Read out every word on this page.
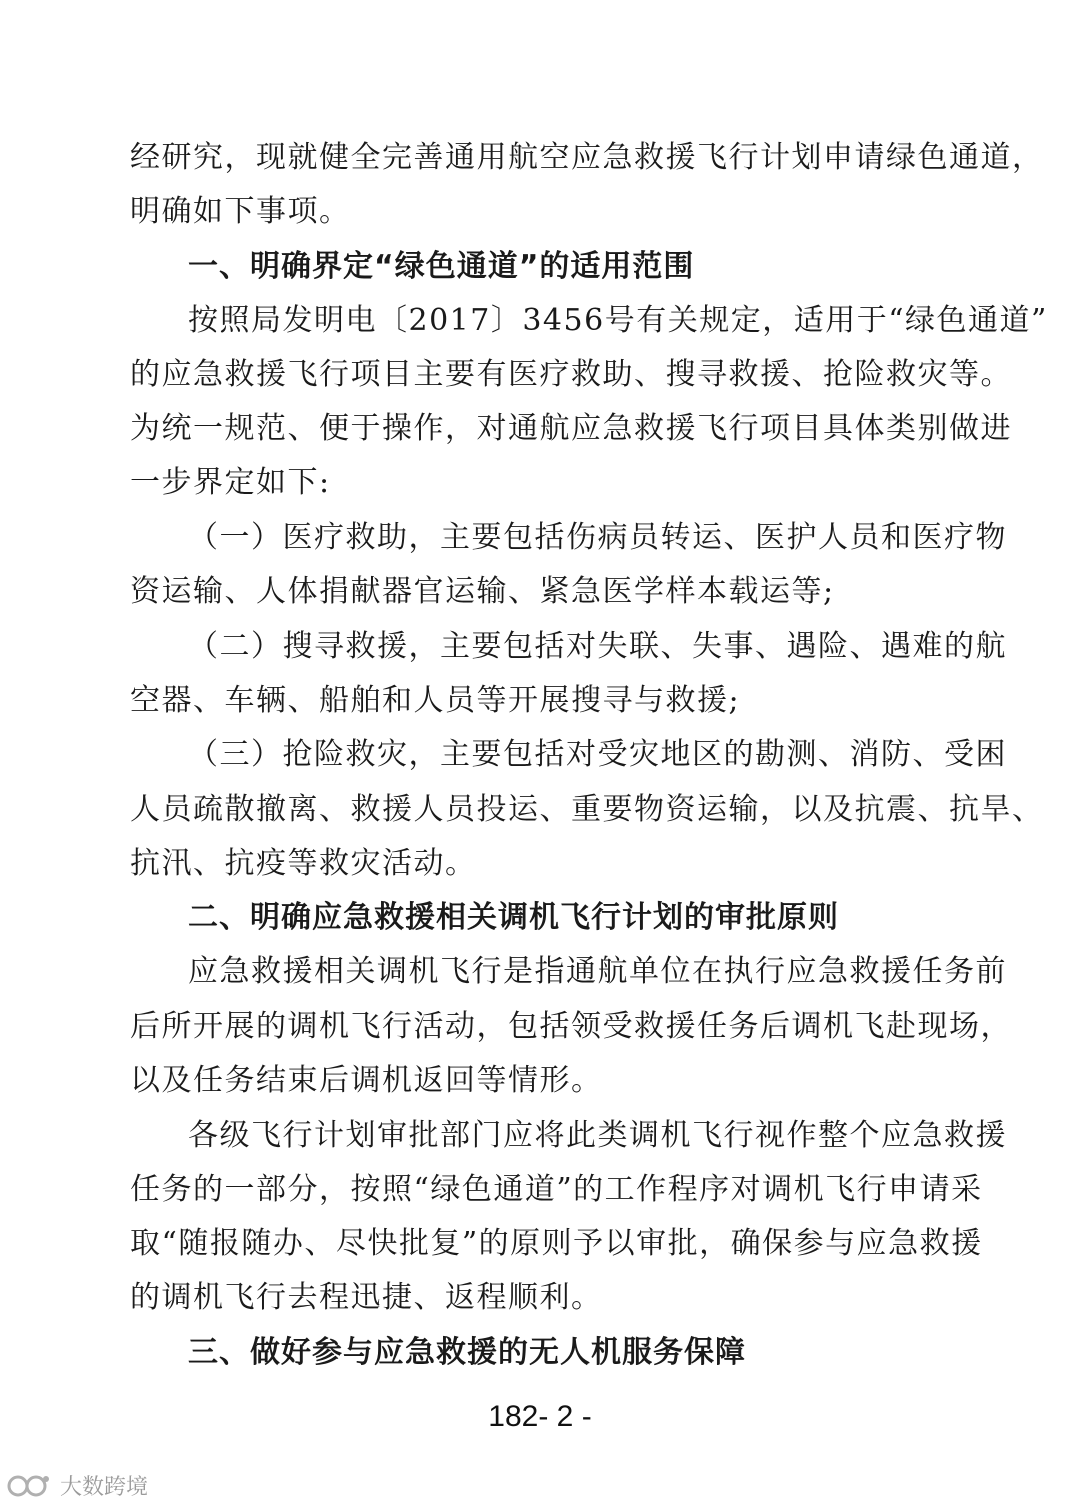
经研究，现就健全完善通用航空应急救援飞行计划申请绿色通道，
明确如下事项。
一、明确界定“绿色通道”的适用范围
按照局发明电〔2017〕3456号有关规定，适用于“绿色通道”
的应急救援飞行项目主要有医疗救助、搜寻救援、抢险救灾等。
为统一规范、便于操作，对通航应急救援飞行项目具体类别做进
一步界定如下:
（一）医疗救助，主要包括伤病员转运、医护人员和医疗物
资运输、人体捐献器官运输、紧急医学样本载运等;
（二）搜寻救援，主要包括对失联、失事、遇险、遇难的航
空器、车辆、船舶和人员等开展搜寻与救援;
（三）抢险救灾，主要包括对受灾地区的勘测、消防、受困
人员疏散撤离、救援人员投运、重要物资运输，以及抗震、抗旱、
抗汛、抗疫等救灾活动。
二、明确应急救援相关调机飞行计划的审批原则
应急救援相关调机飞行是指通航单位在执行应急救援任务前
后所开展的调机飞行活动，包括领受救援任务后调机飞赴现场，
以及任务结束后调机返回等情形。
各级飞行计划审批部门应将此类调机飞行视作整个应急救援
任务的一部分，按照“绿色通道”的工作程序对调机飞行申请采
取“随报随办、尽快批复”的原则予以审批，确保参与应急救援
的调机飞行去程迅捷、返程顺利。
三、做好参与应急救援的无人机服务保障
182- 2 -
大数跨境
